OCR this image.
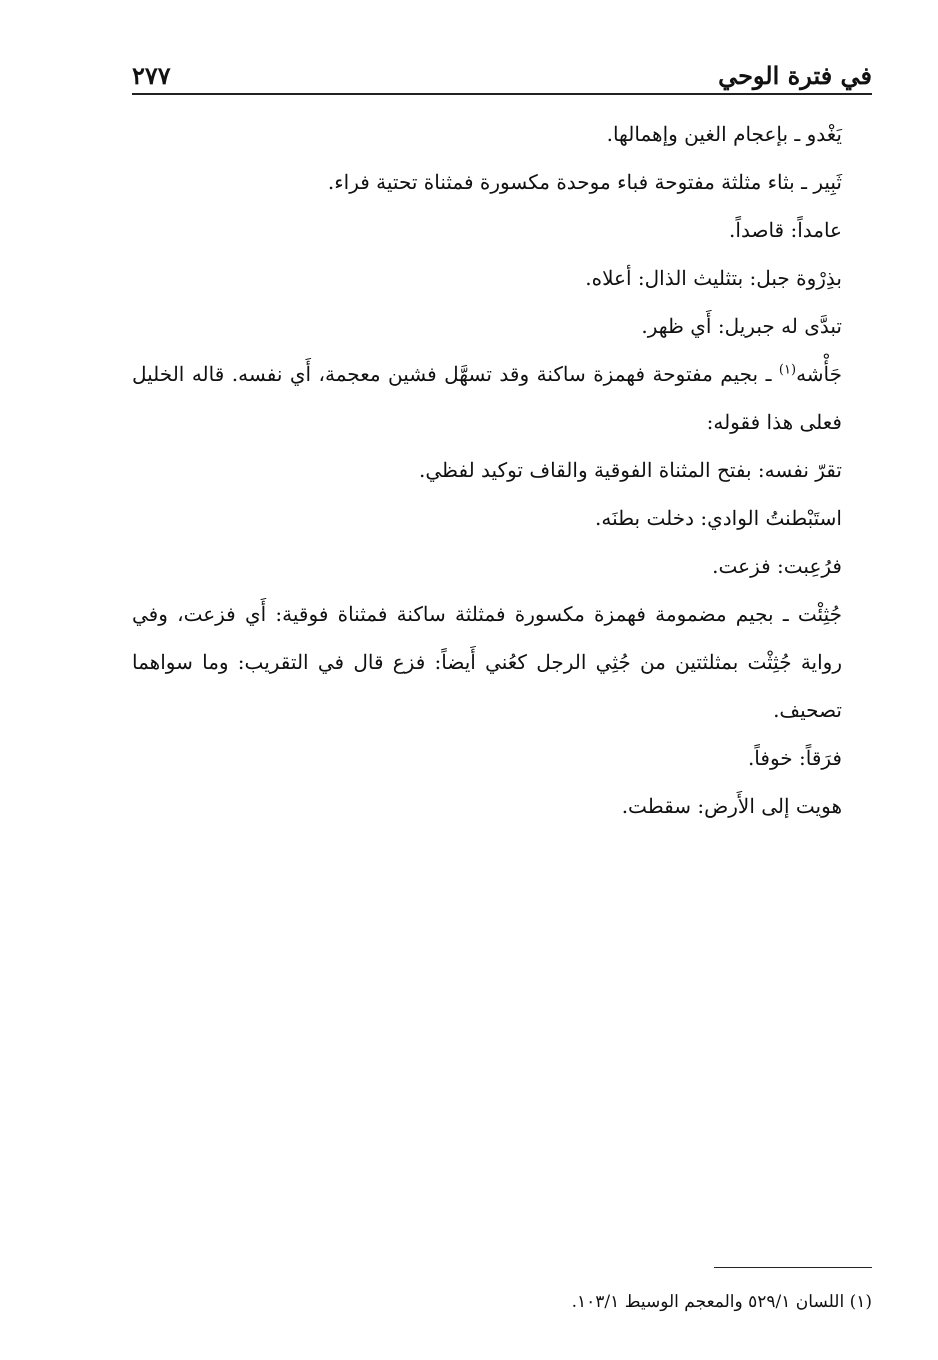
في فترة الوحي
٢٧٧

يَغْدو ـ بإعجام الغين وإهمالها.

ثَبِير ـ بثاء مثلثة مفتوحة فباء موحدة مكسورة فمثناة تحتية فراء.

عامداً: قاصداً.

بذِرْوة جبل: بتثليث الذال: أعلاه.

تبدَّى له جبريل: أَي ظهر.

جَأْشه$^{(١)}$ ـ بجيم مفتوحة فهمزة ساكنة وقد تسهَّل فشين معجمة، أَي نفسه. قاله الخليل فعلى هذا فقوله:

تقرّ نفسه: بفتح المثناة الفوقية والقاف توكيد لفظي.

استَبْطنتُ الوادي: دخلت بطنَه.

فرُعِبت: فزعت.

جُثِئْت ـ بجيم مضمومة فهمزة مكسورة فمثلثة ساكنة فمثناة فوقية: أَي فزعت، وفي رواية جُثِثْت بمثلثتين من جُثِي الرجل كعُني أَيضاً: فزع قال في التقريب: وما سواهما تصحيف.

فرَقاً: خوفاً.

هويت إلى الأَرض: سقطت.

(١) اللسان ٥٢٩/١ والمعجم الوسيط ١٠٣/١.
